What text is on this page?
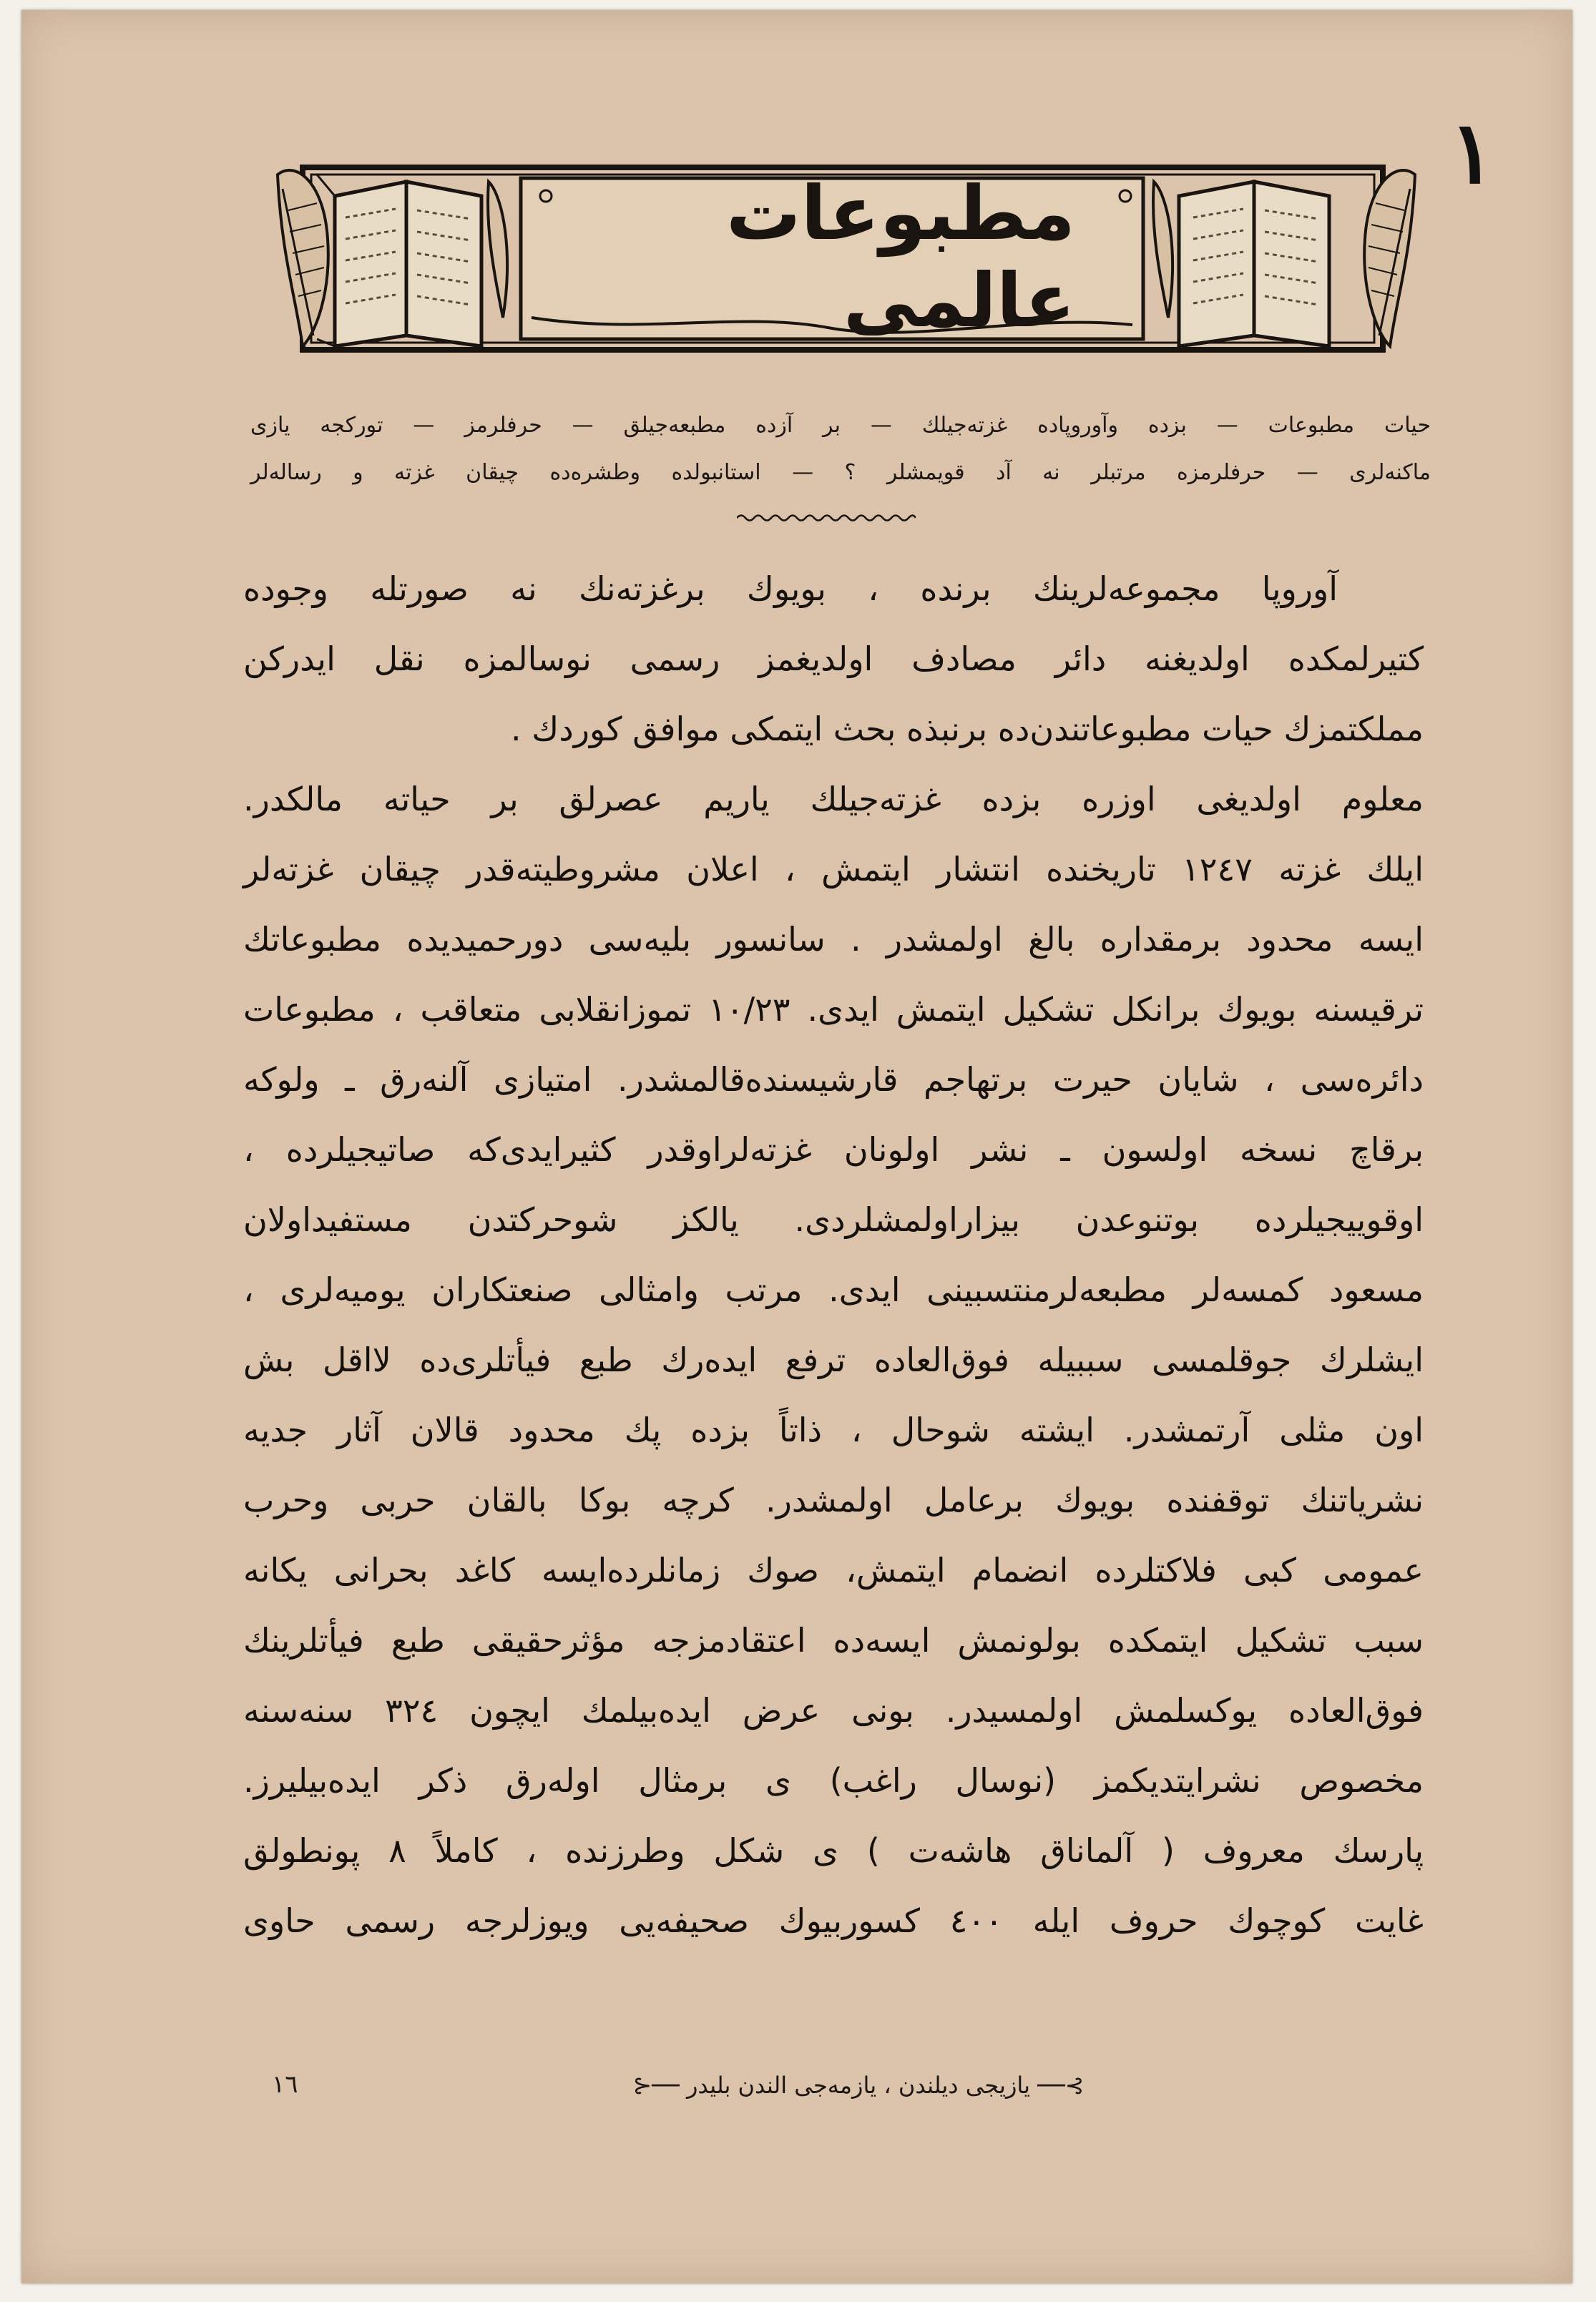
١
مطبوعات عالمی
حیات مطبوعات — بزده وآوروپاده غزته‌جیلك — بر آزده مطبعه‌جیلق — حرفلرمز — تورکجه یازی
ماکنه‌لری — حرفلرمزه مرتبلر نه آد قویمشلر ؟ — استانبولده وطشره‌ده چیقان غزته و رساله‌لر
آوروپا مجموعه‌لرینك برنده ، بویوك برغزته‌نك نه صورتله وجوده
کتیرلمکده اولدیغنه دائر مصادف اولدیغمز رسمی نوسالمزه نقل ایدرکن
مملکتمزك حیات مطبوعاتندن‌ده برنبذه بحث ایتمکی موافق کوردك .
معلوم اولدیغی اوزره بزده غزته‌جیلك یاریم عصرلق بر حیاته مالکدر.
ایلك غزته ١٢٤٧ تاریخنده انتشار ایتمش ، اعلان مشروطیته‌قدر چیقان غزته‌لر
ایسه محدود برمقداره بالغ اولمشدر . سانسور بلیه‌سی دورحمیدیده مطبوعاتك
ترقیسنه بویوك برانکل تشکیل ایتمش ایدی. ١٠/٢٣ تموزانقلابی متعاقب ، مطبوعات
دائره‌سی ، شایان حیرت برتهاجم قارشیسنده‌قالمشدر. امتیازی آلنه‌رق ـ ولوکه
برقاچ نسخه اولسون ـ نشر اولونان غزته‌لراوقدر کثیرایدی‌که صاتیجیلرده ،
اوقوییجیلرده بوتنوعدن بیزاراولمشلردی. یالکز شوحرکتدن مستفیداولان
مسعود کمسه‌لر مطبعه‌لرمنتسبینی ایدی. مرتب وامثالی صنعتکاران یومیه‌لری ،
ایشلرك جوقلمسی سببیله فوق‌العاده ترفع ایده‌رك طبع فیأتلری‌ده لااقل بش
اون مثلی آرتمشدر. ایشته شوحال ، ذاتاً بزده پك محدود قالان آثار جدیه
نشریاتنك توقفنده بویوك برعامل اولمشدر. کرچه بوکا بالقان حربی وحرب
عمومی کبی فلاکتلرده انضمام ایتمش، صوك زمانلرده‌ایسه کاغد بحرانی یکانه
سبب تشکیل ایتمکده بولونمش ایسه‌ده اعتقادمزجه مؤثرحقیقی طبع فیأتلرینك
فوق‌العاده یوکسلمش اولمسیدر. بونی عرض ایده‌بیلمك ایچون ٣٢٤ سنه‌سنه
مخصوص نشرایتدیکمز (نوسال راغب) ی برمثال اوله‌رق ذکر ایده‌بیلیرز.
پارسك معروف ( آلماناق هاشه‌ت ) ی شکل وطرزنده ، کاملاً ٨ پونطولق
غایت کوچوك حروف ایله ٤٠٠ کسوربیوك صحیفه‌یی ویوزلرجه رسمی حاوی
١٦	⊱── یازیجی دیلندن ، یازمه‌جی الندن بلیدر ──⊰
